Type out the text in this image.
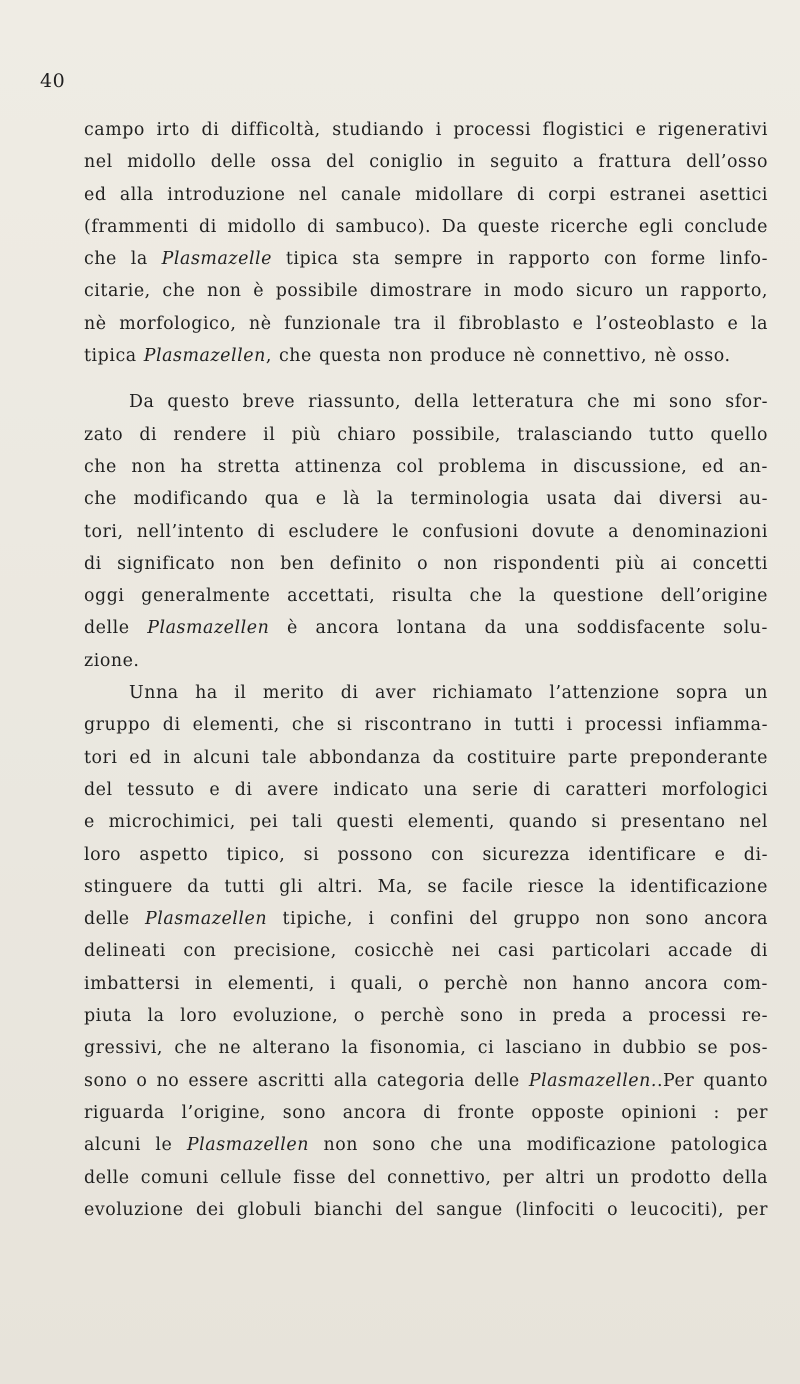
40
campo irto di difficoltà, studiando i processi flogistici e rigenerativi
nel midollo delle ossa del coniglio in seguito a frattura dell’osso
ed alla introduzione nel canale midollare di corpi estranei asettici
(frammenti di midollo di sambuco). Da queste ricerche egli conclude
che la Plasmazelle tipica sta sempre in rapporto con forme linfo-
citarie, che non è possibile dimostrare in modo sicuro un rapporto,
nè morfologico, nè funzionale tra il fibroblasto e l’osteoblasto e la
tipica Plasmazellen, che questa non produce nè connettivo, nè osso.
Da questo breve riassunto, della letteratura che mi sono sfor-
zato di rendere il più chiaro possibile, tralasciando tutto quello
che non ha stretta attinenza col problema in discussione, ed an-
che modificando qua e là la terminologia usata dai diversi au-
tori, nell’intento di escludere le confusioni dovute a denominazioni
di significato non ben definito o non rispondenti più ai concetti
oggi generalmente accettati, risulta che la questione dell’origine
delle Plasmazellen è ancora lontana da una soddisfacente solu-
zione.
Unna ha il merito di aver richiamato l’attenzione sopra un
gruppo di elementi, che si riscontrano in tutti i processi infiamma-
tori ed in alcuni tale abbondanza da costituire parte preponderante
del tessuto e di avere indicato una serie di caratteri morfologici
e microchimici, pei tali questi elementi, quando si presentano nel
loro aspetto tipico, si possono con sicurezza identificare e di-
stinguere da tutti gli altri. Ma, se facile riesce la identificazione
delle Plasmazellen tipiche, i confini del gruppo non sono ancora
delineati con precisione, cosicchè nei casi particolari accade di
imbattersi in elementi, i quali, o perchè non hanno ancora com-
piuta la loro evoluzione, o perchè sono in preda a processi re-
gressivi, che ne alterano la fisonomia, ci lasciano in dubbio se pos-
sono o no essere ascritti alla categoria delle Plasmazellen..Per quanto
riguarda l’origine, sono ancora di fronte opposte opinioni : per
alcuni le Plasmazellen non sono che una modificazione patologica
delle comuni cellule fisse del connettivo, per altri un prodotto della
evoluzione dei globuli bianchi del sangue (linfociti o leucociti), per
